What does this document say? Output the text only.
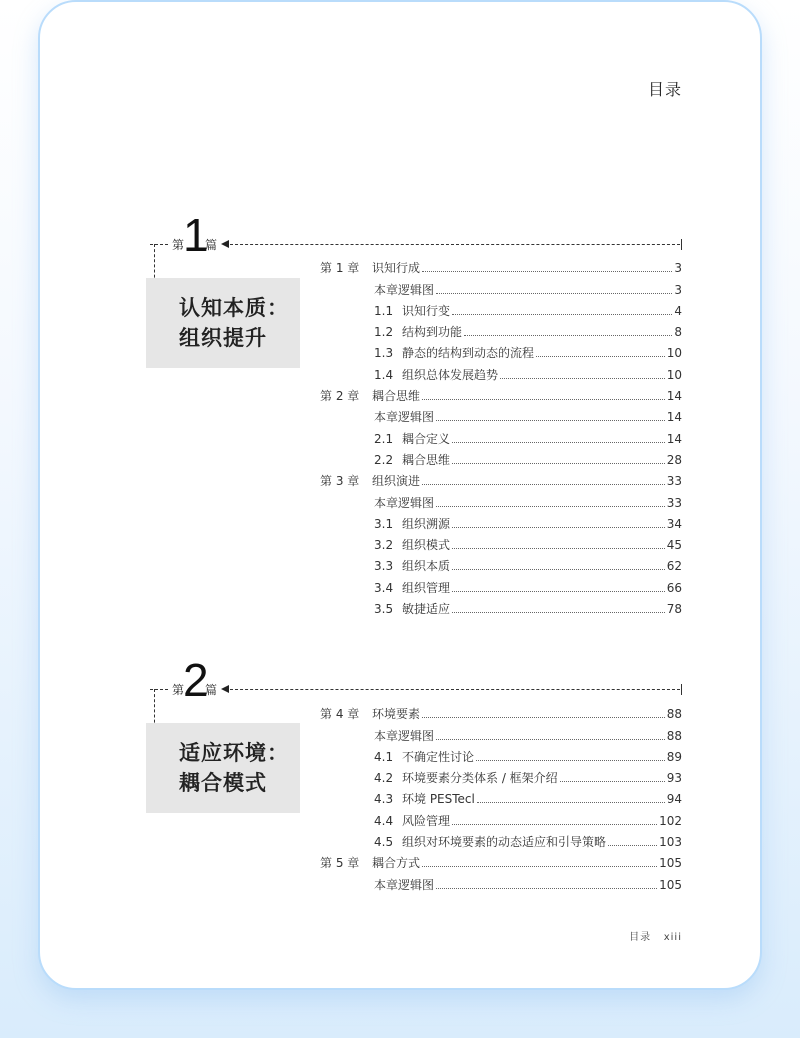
目录
第
1
篇
认知本质：
组织提升
第 1 章 识知行成	3
本章逻辑图	3
1.1 识知行变	4
1.2 结构到功能	8
1.3 静态的结构到动态的流程	10
1.4 组织总体发展趋势	10
第 2 章 耦合思维	14
本章逻辑图	14
2.1 耦合定义	14
2.2 耦合思维	28
第 3 章 组织演进	33
本章逻辑图	33
3.1 组织溯源	34
3.2 组织模式	45
3.3 组织本质	62
3.4 组织管理	66
3.5 敏捷适应	78
第
2
篇
适应环境：
耦合模式
第 4 章 环境要素	88
本章逻辑图	88
4.1 不确定性讨论	89
4.2 环境要素分类体系 / 框架介绍	93
4.3 环境 PESTecl	94
4.4 风险管理	102
4.5 组织对环境要素的动态适应和引导策略	103
第 5 章 耦合方式	105
本章逻辑图	105
目录 xiii
